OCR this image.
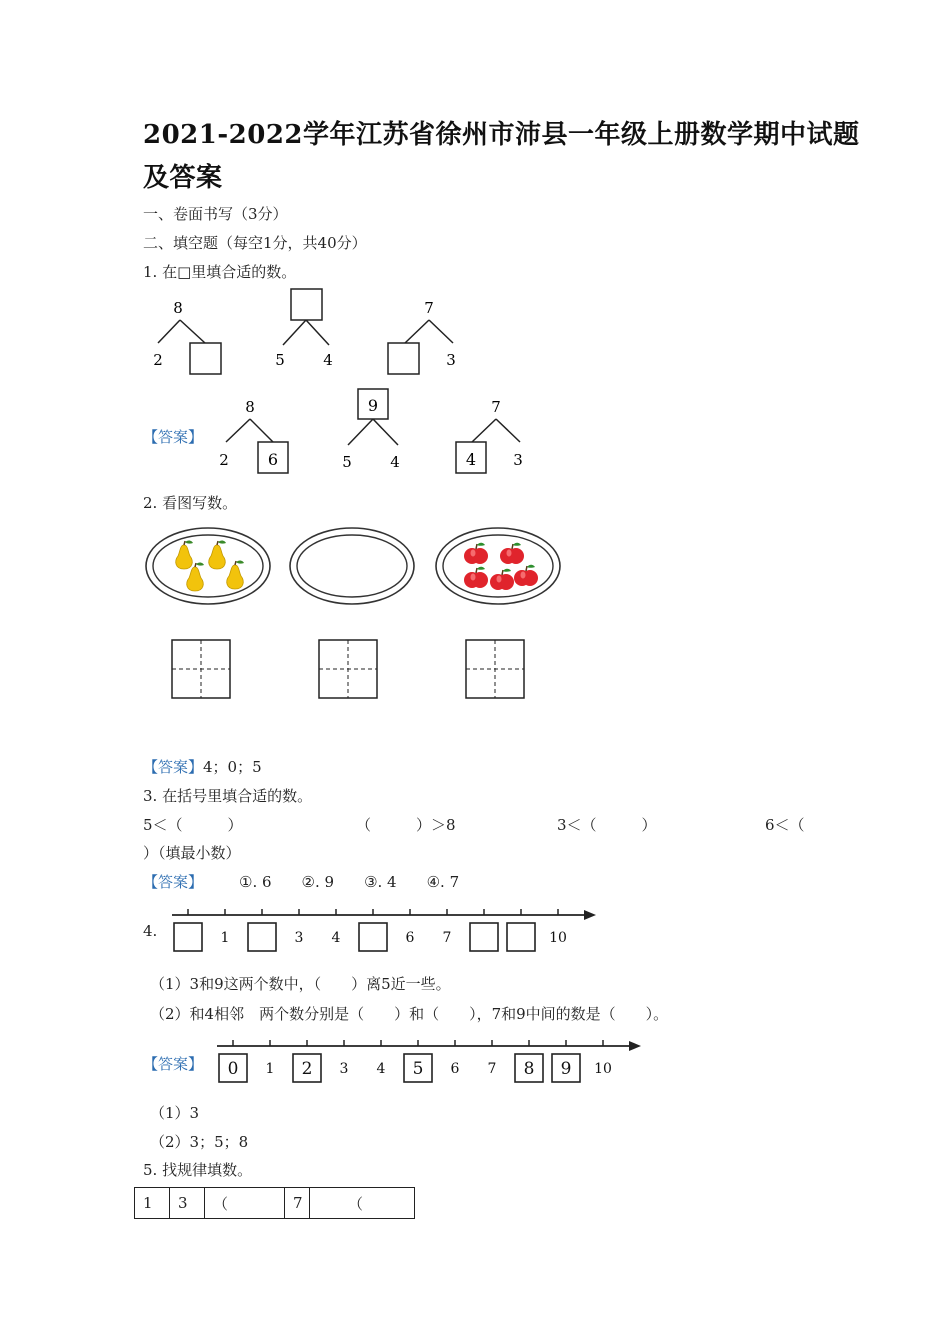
2021-2022学年江苏省徐州市沛县一年级上册数学期中试题
及答案
一、卷面书写（3分）
二、填空题（每空1分，共40分）
1. 在□里填合适的数。
8
2	5	4
7
3
【答案】
8
2 6
9
5	4
7
4 3
2. 看图写数。
【答案】4；0；5
3. 在括号里填合适的数。
5＜（　　　）	（　　　）＞8	3＜（　　　）	6＜（
）（填最小数）
【答案】 ①. 6　　②. 9　　③. 4　　④. 7
4.	1	3 4	6 7	10
（1）3和9这两个数中，（　　）离5近一些。
（2）和4相邻　两个数分别是（　　）和（　　），7和9中间的数是（　　）。
【答案】 0 1 2 3 4 5 6 7 8 9 10
（1）3
（2）3；5；8
5. 找规律填数。
1	3	（	7	（
